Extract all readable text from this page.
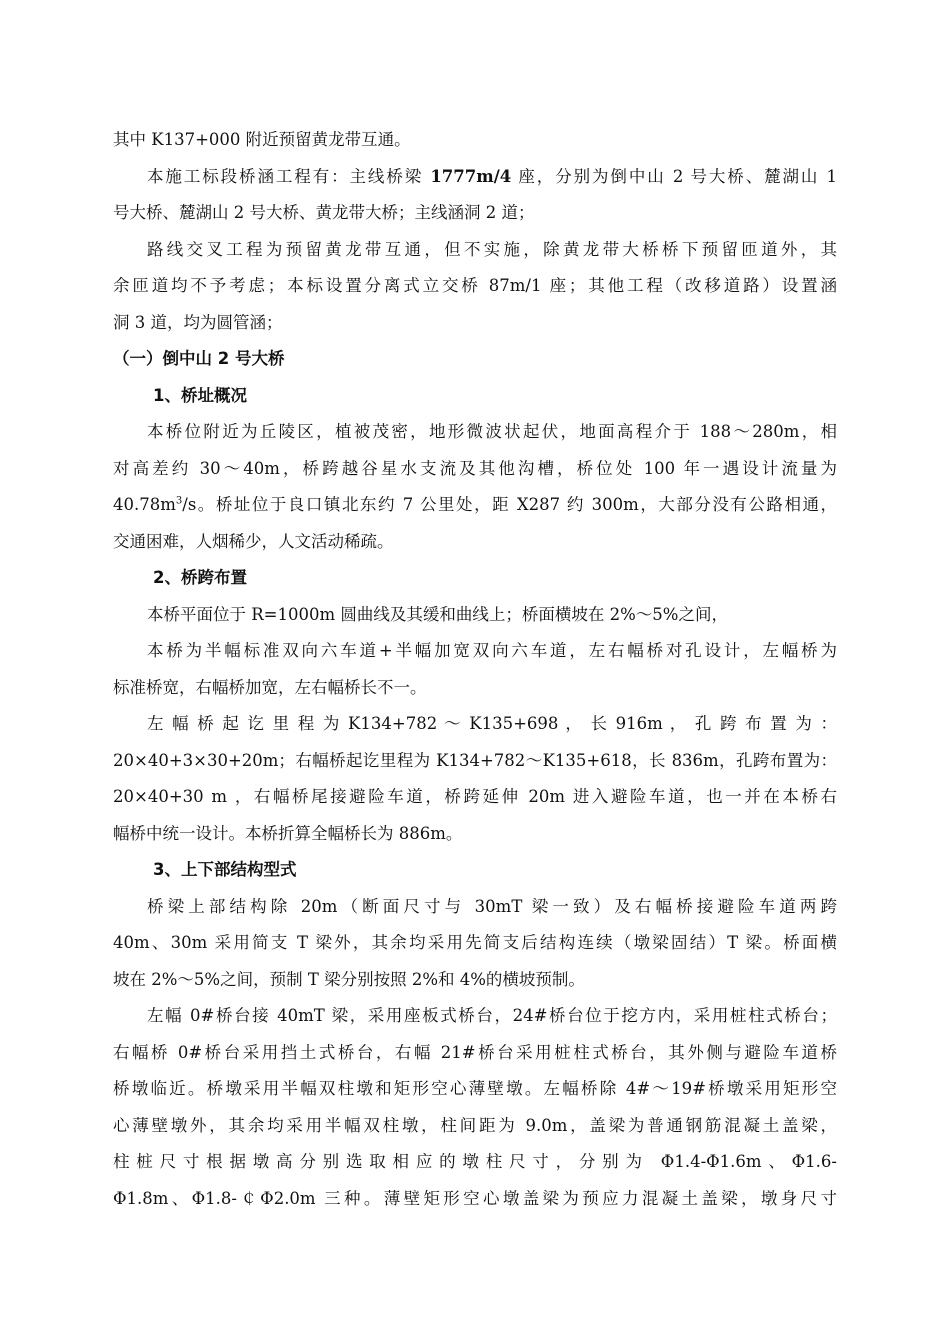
其中 K137+000 附近预留黄龙带互通。
本施工标段桥涵工程有：主线桥梁 1777m/4 座，分别为倒中山 2 号大桥、麓湖山 1
号大桥、麓湖山 2 号大桥、黄龙带大桥；主线涵洞 2 道；
路线交叉工程为预留黄龙带互通，但不实施，除黄龙带大桥桥下预留匝道外，其
余匝道均不予考虑；本标设置分离式立交桥 87m/1 座；其他工程（改移道路）设置涵
洞 3 道，均为圆管涵；
（一）倒中山 2 号大桥
1、桥址概况
本桥位附近为丘陵区，植被茂密，地形微波状起伏，地面高程介于 188～280m，相
对高差约 30～40m，桥跨越谷星水支流及其他沟槽，桥位处 100 年一遇设计流量为
$40.78m^3/s$。桥址位于良口镇北东约 7 公里处，距 X287 约 300m，大部分没有公路相通，
交通困难，人烟稀少，人文活动稀疏。
2、桥跨布置
本桥平面位于 R=1000m 圆曲线及其缓和曲线上；桥面横坡在 2%～5%之间，
本桥为半幅标准双向六车道+半幅加宽双向六车道，左右幅桥对孔设计，左幅桥为
标准桥宽，右幅桥加宽，左右幅桥长不一。
左 幅 桥 起 讫 里 程 为 K134+782 ～ K135+698 ， 长 916m ， 孔 跨 布 置 为 ：
20×40+3×30+20m；右幅桥起讫里程为 K134+782～K135+618，长 836m，孔跨布置为：
20×40+30 m ，右幅桥尾接避险车道，桥跨延伸 20m 进入避险车道，也一并在本桥右
幅桥中统一设计。本桥折算全幅桥长为 886m。
3、上下部结构型式
桥梁上部结构除 20m（断面尺寸与 30mT 梁一致）及右幅桥接避险车道两跨
40m、30m 采用简支 T 梁外，其余均采用先简支后结构连续（墩梁固结）T 梁。桥面横
坡在 2%～5%之间，预制 T 梁分别按照 2%和 4%的横坡预制。
左幅 0#桥台接 40mT 梁，采用座板式桥台，24#桥台位于挖方内，采用桩柱式桥台；
右幅桥 0#桥台采用挡土式桥台，右幅 21#桥台采用桩柱式桥台，其外侧与避险车道桥
桥墩临近。桥墩采用半幅双柱墩和矩形空心薄壁墩。左幅桥除 4#～19#桥墩采用矩形空
心薄壁墩外，其余均采用半幅双柱墩，柱间距为 9.0m，盖梁为普通钢筋混凝土盖梁，
柱桩尺寸根据墩高分别选取相应的墩柱尺寸，分别为 Φ1.4-Φ1.6m、Φ1.6-
Φ1.8m、Φ1.8-￠Φ2.0m 三种。薄壁矩形空心墩盖梁为预应力混凝土盖梁，墩身尺寸
